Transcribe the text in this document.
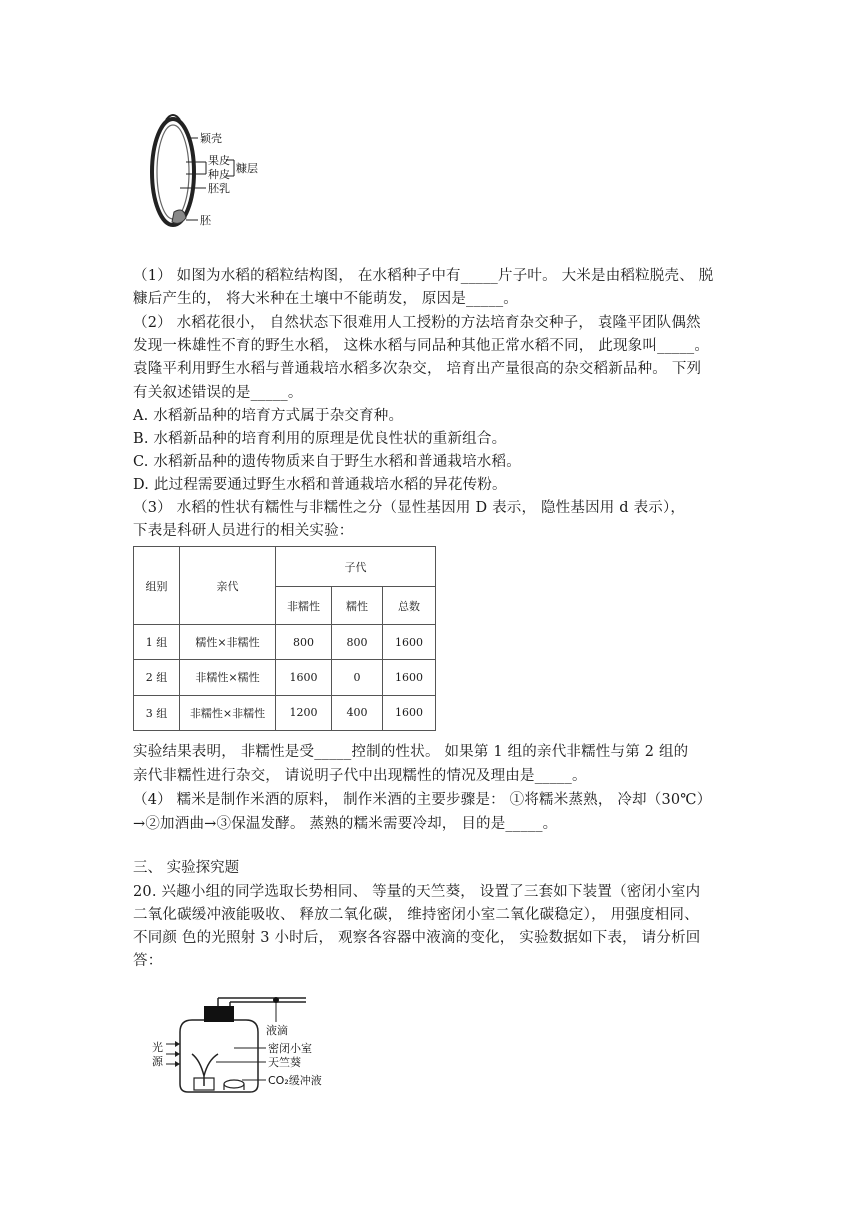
颖壳
果皮
种皮 糠层
胚乳
胚
（1） 如图为水稻的稻粒结构图， 在水稻种子中有_____片子叶。 大米是由稻粒脱壳、 脱
糠后产生的， 将大米种在土壤中不能萌发， 原因是_____。
（2） 水稻花很小， 自然状态下很难用人工授粉的方法培育杂交种子， 袁隆平团队偶然
发现一株雄性不育的野生水稻， 这株水稻与同品种其他正常水稻不同， 此现象叫_____。
袁隆平利用野生水稻与普通栽培水稻多次杂交， 培育出产量很高的杂交稻新品种。 下列
有关叙述错误的是_____。
A. 水稻新品种的培育方式属于杂交育种。
B. 水稻新品种的培育利用的原理是优良性状的重新组合。
C. 水稻新品种的遗传物质来自于野生水稻和普通栽培水稻。
D. 此过程需要通过野生水稻和普通栽培水稻的异花传粉。
（3） 水稻的性状有糯性与非糯性之分（显性基因用 D 表示， 隐性基因用 d 表示），
下表是科研人员进行的相关实验：
组别	亲代	子代		
		非糯性	糯性	总数
1 组	糯性×非糯性	800	800	1600
2 组	非糯性×糯性	1600	0	1600
3 组	非糯性×非糯性	1200	400	1600
实验结果表明， 非糯性是受_____控制的性状。 如果第 1 组的亲代非糯性与第 2 组的
亲代非糯性进行杂交， 请说明子代中出现糯性的情况及理由是_____。
（4） 糯米是制作米酒的原料， 制作米酒的主要步骤是： ①将糯米蒸熟， 冷却（30℃）
→②加酒曲→③保温发酵。 蒸熟的糯米需要冷却， 目的是_____。
三、 实验探究题
20. 兴趣小组的同学选取长势相同、 等量的天竺葵， 设置了三套如下装置（密闭小室内
二氧化碳缓冲液能吸收、 释放二氧化碳， 维持密闭小室二氧化碳稳定）， 用强度相同、
不同颜 色的光照射 3 小时后， 观察各容器中液滴的变化， 实验数据如下表， 请分析回
答：
光
源
液滴
密闭小室
天竺葵
CO₂缓冲液
